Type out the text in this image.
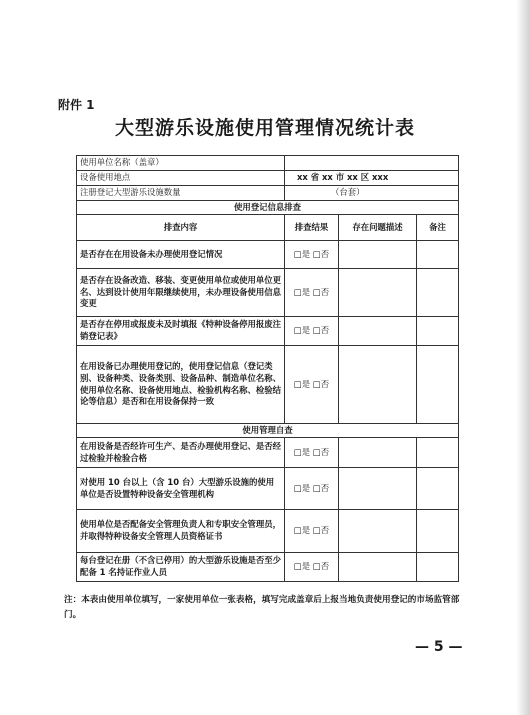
附件 1
大型游乐设施使用管理情况统计表
使用单位名称（盖章）			
设备使用地点	xx 省 xx 市 xx 区 xxx		
注册登记大型游乐设施数量	（台套）		
使用登记信息排查			
排查内容	排查结果	存在问题描述	备注
是否存在在用设备未办理使用登记情况	□是 □否		
是否存在设备改造、移装、变更使用单位或使用单位更名、达到设计使用年限继续使用，未办理设备使用信息变更	□是 □否		
是否存在停用或报废未及时填报《特种设备停用报废注销登记表》	□是 □否		
在用设备已办理使用登记的，使用登记信息（登记类别、设备种类、设备类别、设备品种、制造单位名称、使用单位名称、设备使用地点、检验机构名称、检验结论等信息）是否和在用设备保持一致	□是 □否		
使用管理自查			
在用设备是否经许可生产、是否办理使用登记、是否经过检验并检验合格	□是 □否		
对使用 10 台以上（含 10 台）大型游乐设施的使用单位是否设置特种设备安全管理机构	□是 □否		
使用单位是否配备安全管理负责人和专职安全管理员，并取得特种设备安全管理人员资格证书	□是 □否		
每台登记在册（不含已停用）的大型游乐设施是否至少配备 1 名持证作业人员	□是 □否		
注：本表由使用单位填写，一家使用单位一张表格，填写完成盖章后上报当地负责使用登记的市场监管部门。
— 5 —
